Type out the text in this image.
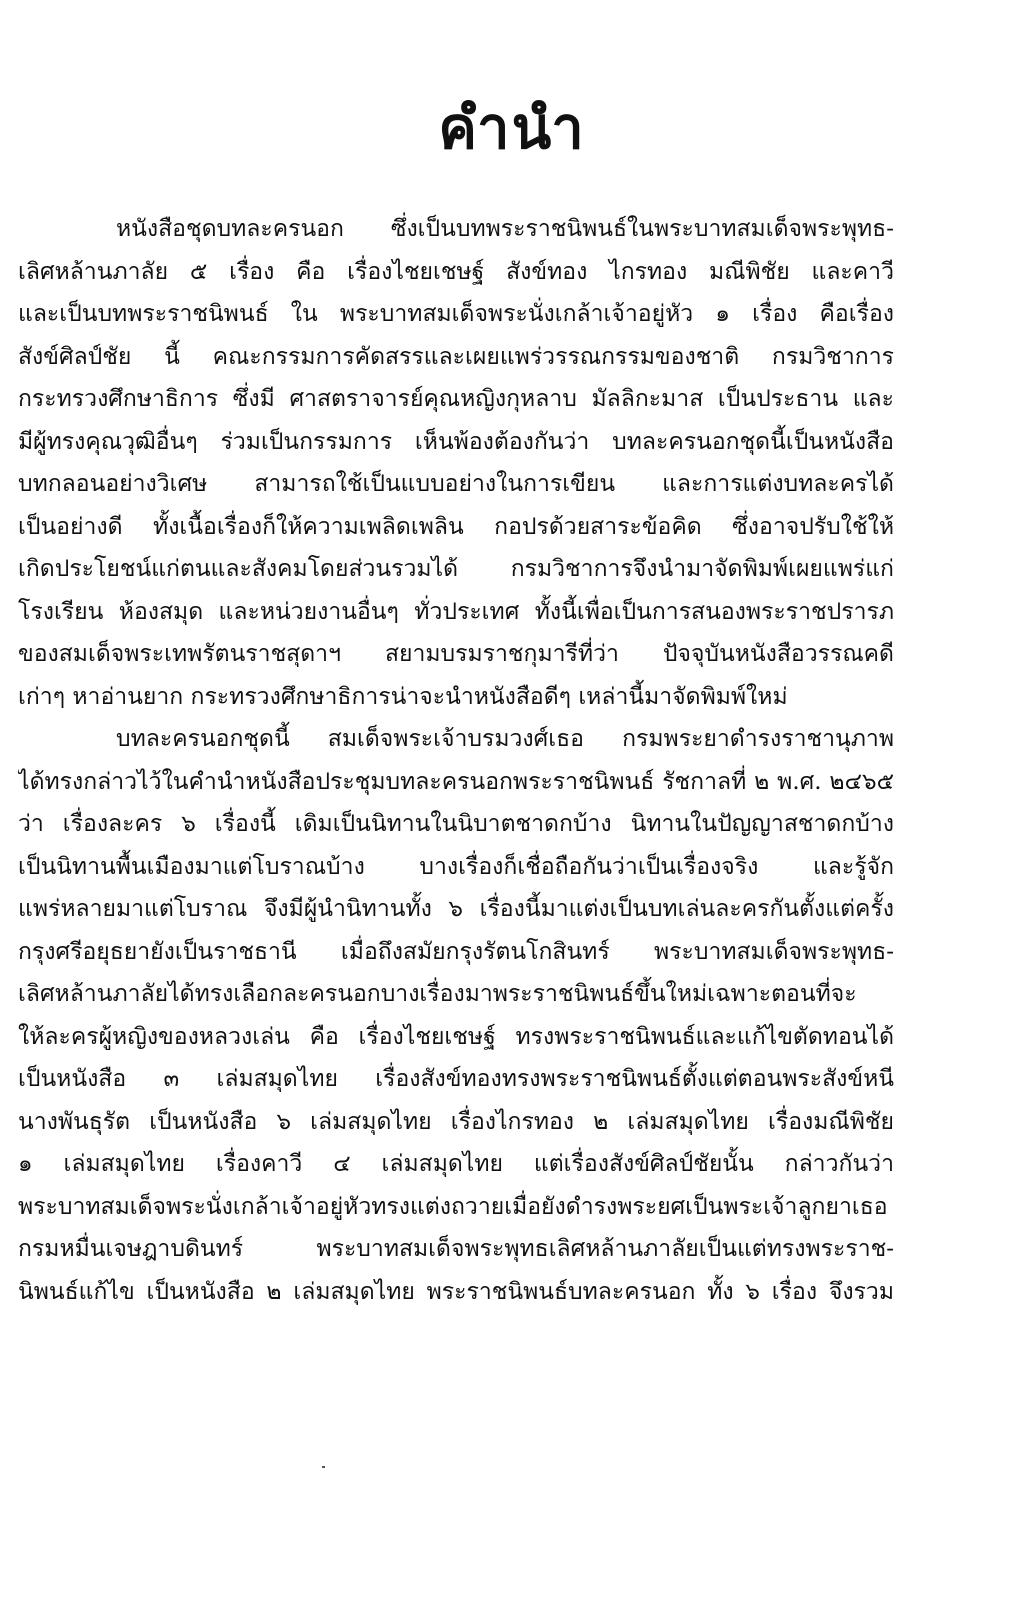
คำนำ
หนังสือชุดบทละครนอก ซึ่งเป็นบทพระราชนิพนธ์ในพระบาทสมเด็จพระพุทธ-
เลิศหล้านภาลัย ๕ เรื่อง คือ เรื่องไชยเชษฐ์ สังข์ทอง ไกรทอง มณีพิชัย และคาวี
และเป็นบทพระราชนิพนธ์ ใน พระบาทสมเด็จพระนั่งเกล้าเจ้าอยู่หัว ๑ เรื่อง คือเรื่อง
สังข์ศิลป์ชัย นี้ คณะกรรมการคัดสรรและเผยแพร่วรรณกรรมของชาติ กรมวิชาการ
กระทรวงศึกษาธิการ ซึ่งมี ศาสตราจารย์คุณหญิงกุหลาบ มัลลิกะมาส เป็นประธาน และ
มีผู้ทรงคุณวุฒิอื่นๆ ร่วมเป็นกรรมการ เห็นพ้องต้องกันว่า บทละครนอกชุดนี้เป็นหนังสือ
บทกลอนอย่างวิเศษ สามารถใช้เป็นแบบอย่างในการเขียน และการแต่งบทละครได้
เป็นอย่างดี ทั้งเนื้อเรื่องก็ให้ความเพลิดเพลิน กอปรด้วยสาระข้อคิด ซึ่งอาจปรับใช้ให้
เกิดประโยชน์แก่ตนและสังคมโดยส่วนรวมได้ กรมวิชาการจึงนำมาจัดพิมพ์เผยแพร่แก่
โรงเรียน ห้องสมุด และหน่วยงานอื่นๆ ทั่วประเทศ ทั้งนี้เพื่อเป็นการสนองพระราชปรารภ
ของสมเด็จพระเทพรัตนราชสุดาฯ สยามบรมราชกุมารีที่ว่า ปัจจุบันหนังสือวรรณคดี
เก่าๆ หาอ่านยาก กระทรวงศึกษาธิการน่าจะนำหนังสือดีๆ เหล่านี้มาจัดพิมพ์ใหม่
บทละครนอกชุดนี้ สมเด็จพระเจ้าบรมวงศ์เธอ กรมพระยาดำรงราชานุภาพ
ได้ทรงกล่าวไว้ในคำนำหนังสือประชุมบทละครนอกพระราชนิพนธ์ รัชกาลที่ ๒ พ.ศ. ๒๔๖๕
ว่า เรื่องละคร ๖ เรื่องนี้ เดิมเป็นนิทานในนิบาตชาดกบ้าง นิทานในปัญญาสชาดกบ้าง
เป็นนิทานพื้นเมืองมาแต่โบราณบ้าง บางเรื่องก็เชื่อถือกันว่าเป็นเรื่องจริง และรู้จัก
แพร่หลายมาแต่โบราณ จึงมีผู้นำนิทานทั้ง ๖ เรื่องนี้มาแต่งเป็นบทเล่นละครกันตั้งแต่ครั้ง
กรุงศรีอยุธยายังเป็นราชธานี เมื่อถึงสมัยกรุงรัตนโกสินทร์ พระบาทสมเด็จพระพุทธ-
เลิศหล้านภาลัยได้ทรงเลือกละครนอกบางเรื่องมาพระราชนิพนธ์ขึ้นใหม่เฉพาะตอนที่จะ
ให้ละครผู้หญิงของหลวงเล่น คือ เรื่องไชยเชษฐ์ ทรงพระราชนิพนธ์และแก้ไขตัดทอนได้
เป็นหนังสือ ๓ เล่มสมุดไทย เรื่องสังข์ทองทรงพระราชนิพนธ์ตั้งแต่ตอนพระสังข์หนี
นางพันธุรัต เป็นหนังสือ ๖ เล่มสมุดไทย เรื่องไกรทอง ๒ เล่มสมุดไทย เรื่องมณีพิชัย
๑ เล่มสมุดไทย เรื่องคาวี ๔ เล่มสมุดไทย แต่เรื่องสังข์ศิลป์ชัยนั้น กล่าวกันว่า
พระบาทสมเด็จพระนั่งเกล้าเจ้าอยู่หัวทรงแต่งถวายเมื่อยังดำรงพระยศเป็นพระเจ้าลูกยาเธอ
กรมหมื่นเจษฎาบดินทร์ พระบาทสมเด็จพระพุทธเลิศหล้านภาลัยเป็นแต่ทรงพระราช-
นิพนธ์แก้ไข เป็นหนังสือ ๒ เล่มสมุดไทย พระราชนิพนธ์บทละครนอก ทั้ง ๖ เรื่อง จึงรวม
